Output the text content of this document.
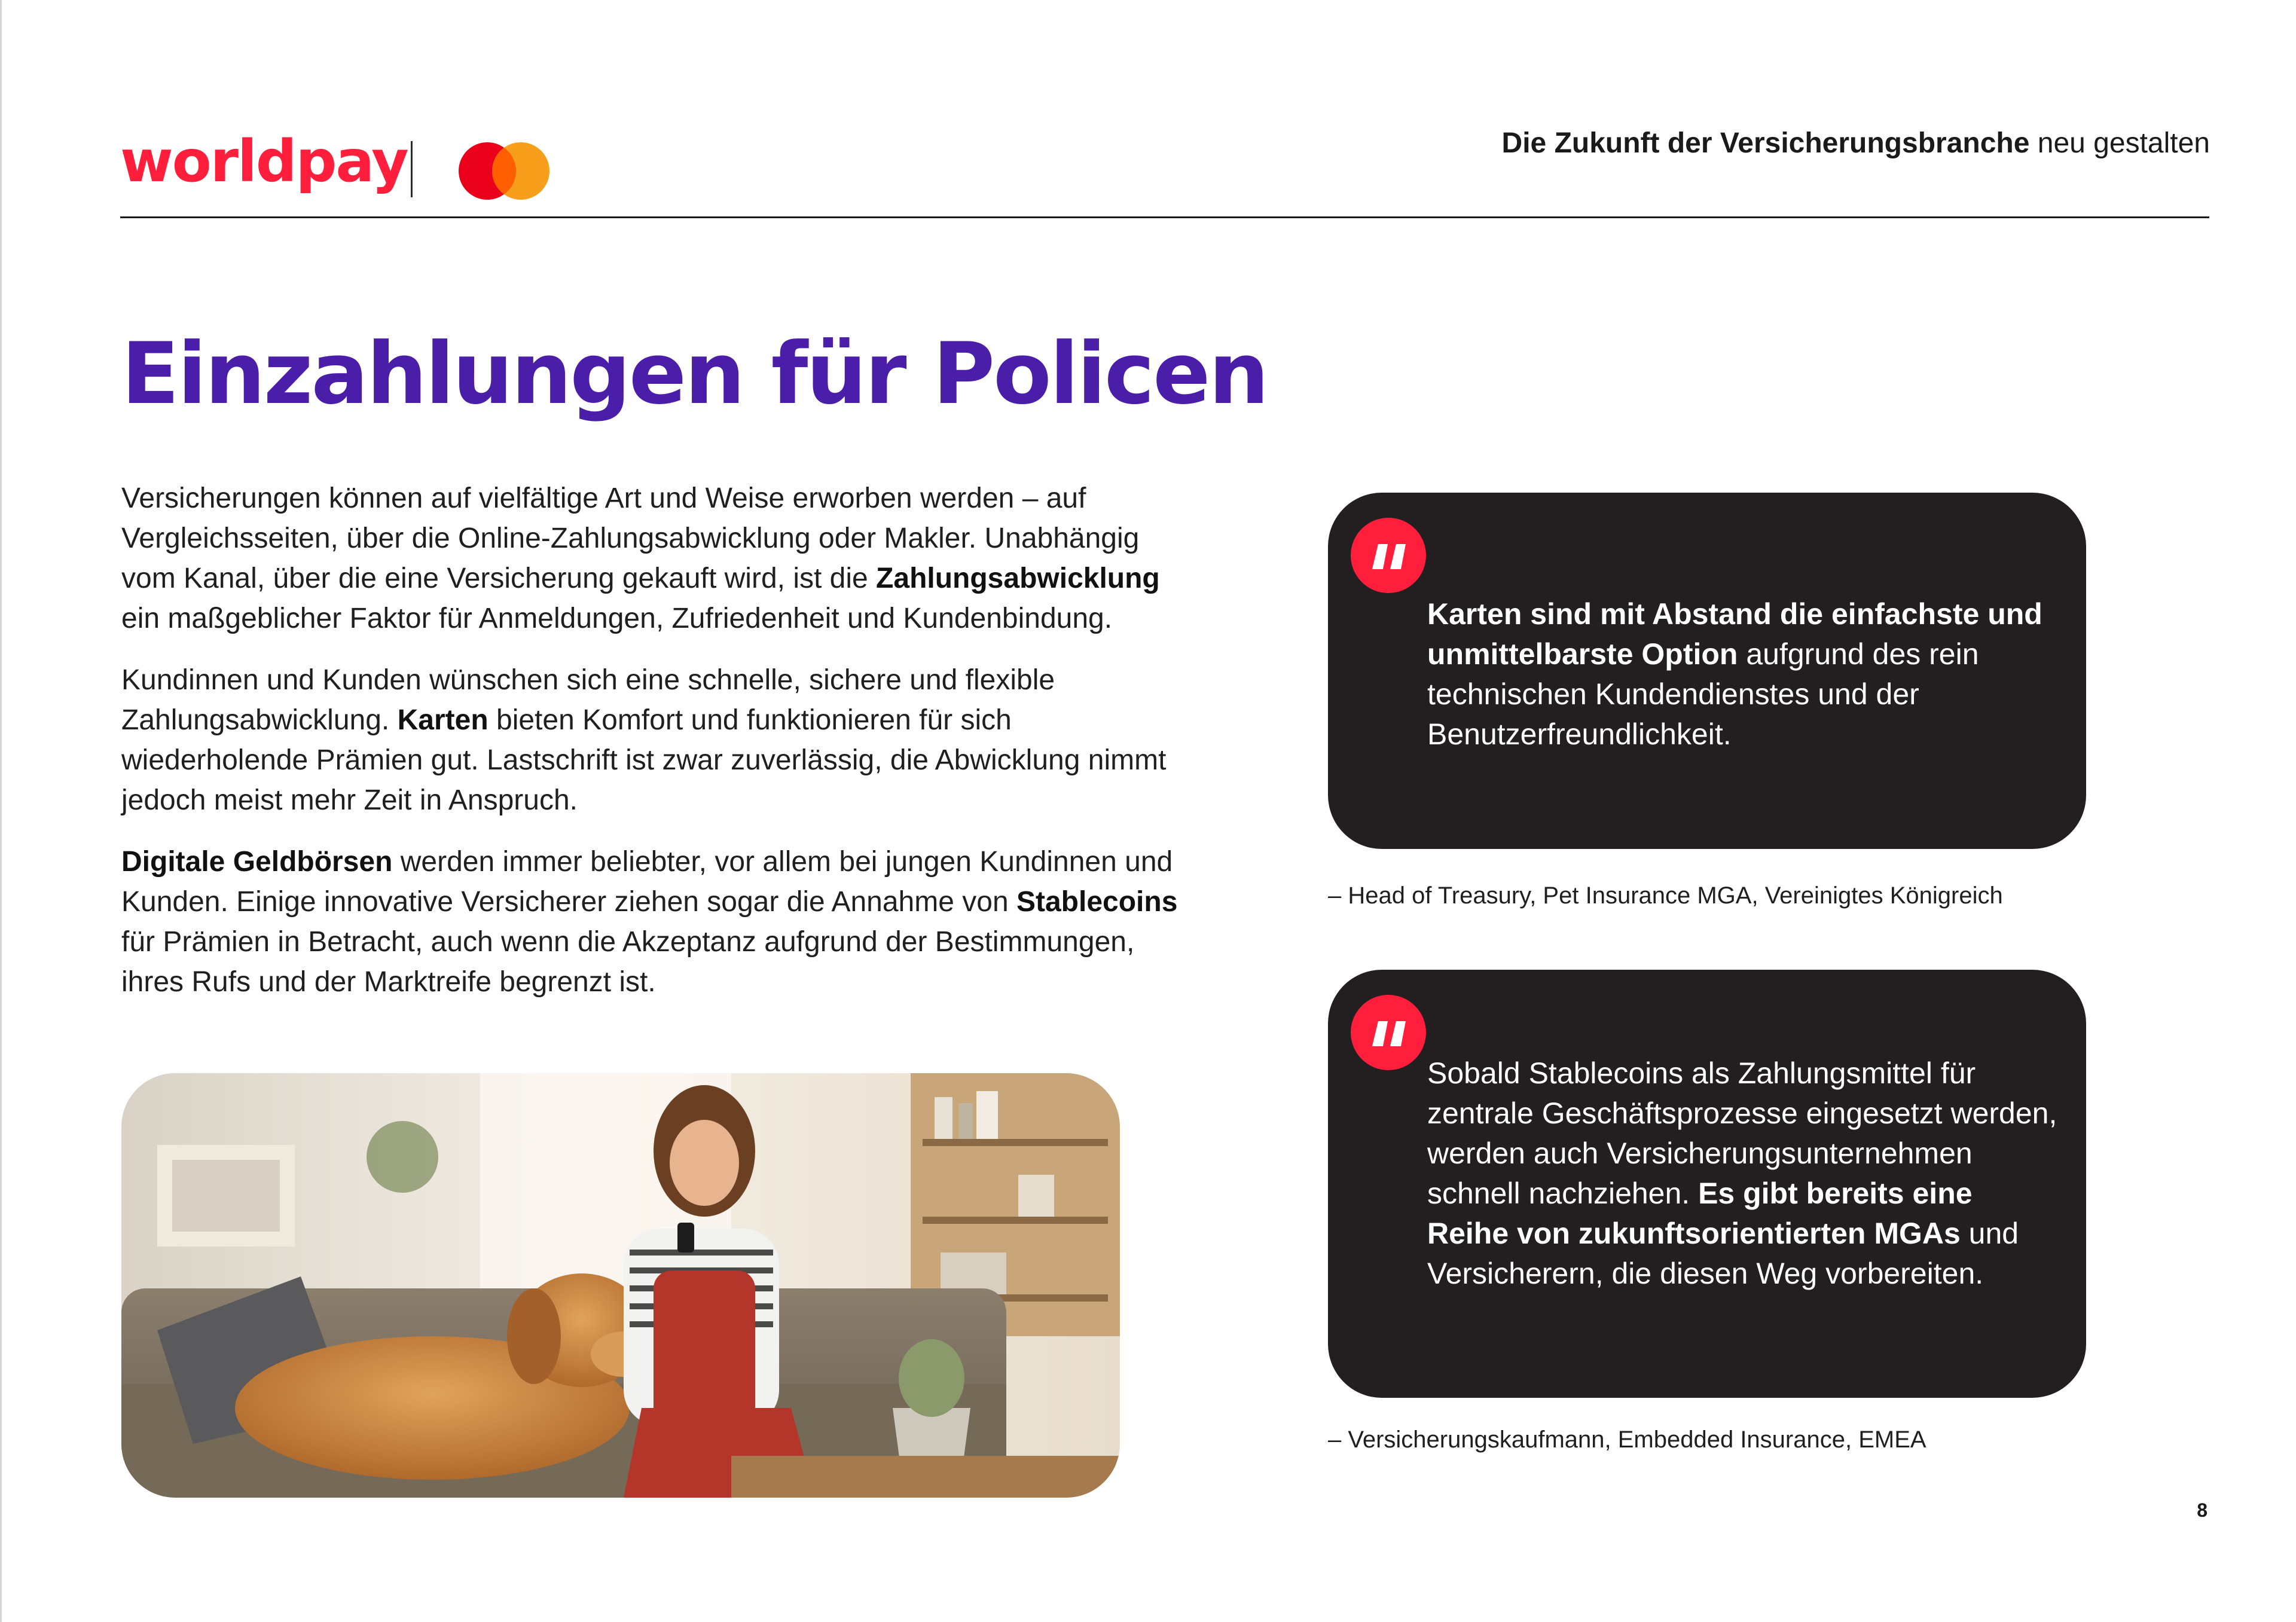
worldpay	Die Zukunft der Versicherungsbranche neu gestalten
Einzahlungen für Policen

Versicherungen können auf vielfältige Art und Weise erworben werden – auf Vergleichsseiten, über die Online-Zahlungsabwicklung oder Makler. Unabhängig vom Kanal, über die eine Versicherung gekauft wird, ist die Zahlungsabwicklung ein maßgeblicher Faktor für Anmeldungen, Zufriedenheit und Kundenbindung.

Kundinnen und Kunden wünschen sich eine schnelle, sichere und flexible Zahlungsabwicklung. Karten bieten Komfort und funktionieren für sich wiederholende Prämien gut. Lastschrift ist zwar zuverlässig, die Abwicklung nimmt jedoch meist mehr Zeit in Anspruch.

Digitale Geldbörsen werden immer beliebter, vor allem bei jungen Kundinnen und Kunden. Einige innovative Versicherer ziehen sogar die Annahme von Stablecoins für Prämien in Betracht, auch wenn die Akzeptanz aufgrund der Bestimmungen, ihres Rufs und der Marktreife begrenzt ist.

Karten sind mit Abstand die einfachste und unmittelbarste Option aufgrund des rein technischen Kundendienstes und der Benutzerfreundlichkeit.
– Head of Treasury, Pet Insurance MGA, Vereinigtes Königreich
Sobald Stablecoins als Zahlungsmittel für zentrale Geschäftsprozesse eingesetzt werden, werden auch Versicherungsunternehmen schnell nachziehen. Es gibt bereits eine Reihe von zukunftsorientierten MGAs und Versicherern, die diesen Weg vorbereiten.
– Versicherungskaufmann, Embedded Insurance, EMEA
8
